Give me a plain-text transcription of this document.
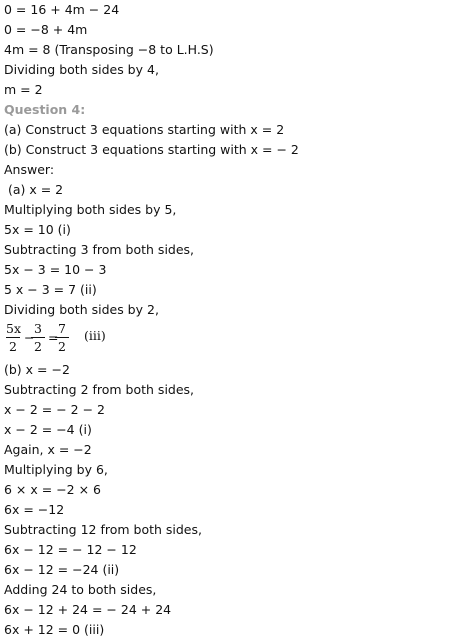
0 = 16 + 4m − 24
0 = −8 + 4m
4m = 8 (Transposing −8 to L.H.S)
Dividing both sides by 4,
m = 2
Question 4:
(a) Construct 3 equations starting with x = 2
(b) Construct 3 equations starting with x = − 2
Answer:
(a) x = 2
Multiplying both sides by 5,
5x = 10 (i)
Subtracting 3 from both sides,
5x − 3 = 10 − 3
5 x − 3 = 7 (ii)
Dividing both sides by 2,
$\frac{5x}{2}$ −
$\frac{3}{2}$ =
$\frac{7}{2} (iii)$
(b) x = −2
Subtracting 2 from both sides,
x − 2 = − 2 − 2
x − 2 = −4 (i)
Again, x = −2
Multiplying by 6,
6 × x = −2 × 6
6x = −12
Subtracting 12 from both sides,
6x − 12 = − 12 − 12
6x − 12 = −24 (ii)
Adding 24 to both sides,
6x − 12 + 24 = − 24 + 24
6x + 12 = 0 (iii)
